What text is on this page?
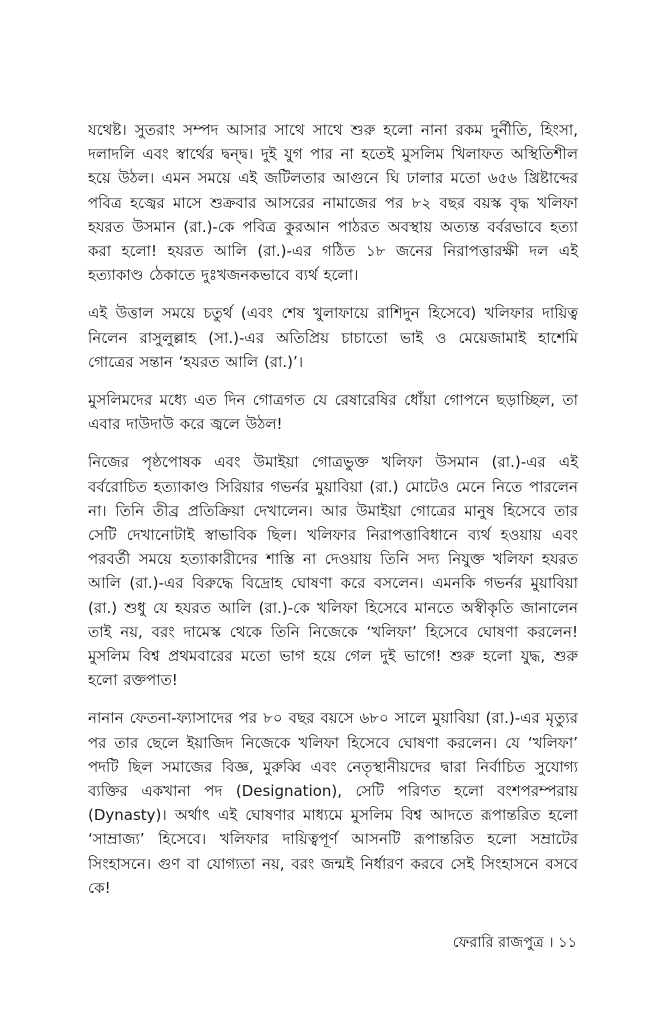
যথেষ্ট। সুতরাং সম্পদ আসার সাথে সাথে শুরু হলো নানা রকম দুর্নীতি, হিংসা, দলাদলি এবং স্বার্থের দ্বন্দ্ব। দুই যুগ পার না হতেই মুসলিম খিলাফত অস্থিতিশীল হয়ে উঠল। এমন সময়ে এই জটিলতার আগুনে ঘি ঢালার মতো ৬৫৬ খ্রিষ্টাব্দের পবিত্র হজ্বের মাসে শুক্রবার আসরের নামাজের পর ৮২ বছর বয়স্ক বৃদ্ধ খলিফা হযরত উসমান (রা.)-কে পবিত্র কুরআন পাঠরত অবস্থায় অত্যন্ত বর্বরভাবে হত্যা করা হলো! হযরত আলি (রা.)-এর গঠিত ১৮ জনের নিরাপত্তারক্ষী দল এই হত্যাকাণ্ড ঠেকাতে দুঃখজনকভাবে ব্যর্থ হলো।

এই উত্তাল সময়ে চতুর্থ (এবং শেষ খুলাফায়ে রাশিদুন হিসেবে) খলিফার দায়িত্ব নিলেন রাসুলুল্লাহ (সা.)-এর অতিপ্রিয় চাচাতো ভাই ও মেয়েজামাই হাশেমি গোত্রের সন্তান ‘হযরত আলি (রা.)’।

মুসলিমদের মধ্যে এত দিন গোত্রগত যে রেষারেষির ধোঁয়া গোপনে ছড়াচ্ছিল, তা এবার দাউদাউ করে জ্বলে উঠল!

নিজের পৃষ্ঠপোষক এবং উমাইয়া গোত্রভুক্ত খলিফা উসমান (রা.)-এর এই বর্বরোচিত হত্যাকাণ্ড সিরিয়ার গভর্নর মুয়াবিয়া (রা.) মোটেও মেনে নিতে পারলেন না। তিনি তীব্র প্রতিক্রিয়া দেখালেন। আর উমাইয়া গোত্রের মানুষ হিসেবে তার সেটি দেখানোটাই স্বাভাবিক ছিল। খলিফার নিরাপত্তাবিধানে ব্যর্থ হওয়ায় এবং পরবর্তী সময়ে হত্যাকারীদের শাস্তি না দেওয়ায় তিনি সদ্য নিযুক্ত খলিফা হযরত আলি (রা.)-এর বিরুদ্ধে বিদ্রোহ ঘোষণা করে বসলেন। এমনকি গভর্নর মুয়াবিয়া (রা.) শুধু যে হযরত আলি (রা.)-কে খলিফা হিসেবে মানতে অস্বীকৃতি জানালেন তাই নয়, বরং দামেস্ক থেকে তিনি নিজেকে ‘খলিফা’ হিসেবে ঘোষণা করলেন! মুসলিম বিশ্ব প্রথমবারের মতো ভাগ হয়ে গেল দুই ভাগে! শুরু হলো যুদ্ধ, শুরু হলো রক্তপাত!

নানান ফেতনা-ফ্যাসাদের পর ৮০ বছর বয়সে ৬৮০ সালে মুয়াবিয়া (রা.)-এর মৃত্যুর পর তার ছেলে ইয়াজিদ নিজেকে খলিফা হিসেবে ঘোষণা করলেন। যে ‘খলিফা’ পদটি ছিল সমাজের বিজ্ঞ, মুরুব্বি এবং নেতৃস্থানীয়দের দ্বারা নির্বাচিত সুযোগ্য ব্যক্তির একখানা পদ (Designation), সেটি পরিণত হলো বংশপরম্পরায় (Dynasty)। অর্থাৎ এই ঘোষণার মাধ্যমে মুসলিম বিশ্ব আদতে রূপান্তরিত হলো ‘সাম্রাজ্য’ হিসেবে। খলিফার দায়িত্বপূর্ণ আসনটি রূপান্তরিত হলো সম্রাটের সিংহাসনে। গুণ বা যোগ্যতা নয়, বরং জন্মই নির্ধারণ করবে সেই সিংহাসনে বসবে কে!

ফেরারি রাজপুত্র । ১১
